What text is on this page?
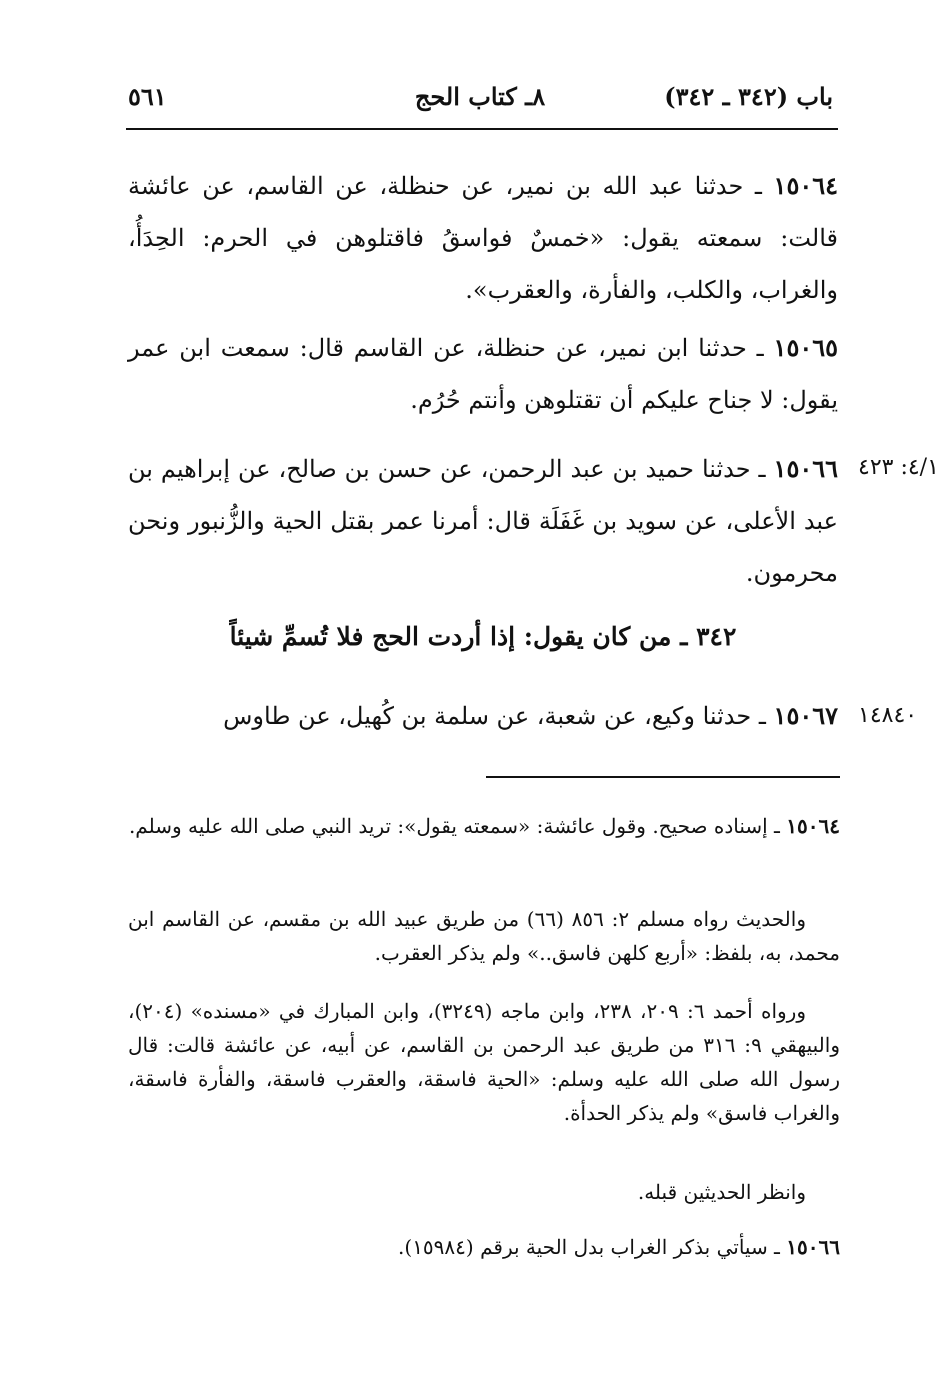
باب (٣٤٢ ـ ٣٤٢)
٨ـ كتاب الحج
٥٦١
١٥٠٦٤ ـ حدثنا عبد الله بن نمير، عن حنظلة، عن القاسم، عن عائشة قالت: سمعته يقول: «خمسٌ فواسقُ فاقتلوهن في الحرم: الحِدَأُ، والغراب، والكلب، والفأرة، والعقرب».
١٥٠٦٥ ـ حدثنا ابن نمير، عن حنظلة، عن القاسم قال: سمعت ابن عمر يقول: لا جناح عليكم أن تقتلوهن وأنتم حُرُم.
٤/١: ٤٢٣
١٥٠٦٦ ـ حدثنا حميد بن عبد الرحمن، عن حسن بن صالح، عن إبراهيم بن عبد الأعلى، عن سويد بن غَفَلَة قال: أمرنا عمر بقتل الحية والزُّنبور ونحن محرمون.
٣٤٢ ـ من كان يقول: إذا أردت الحج فلا تُسمِّ شيئاً
١٤٨٤٠
١٥٠٦٧ ـ حدثنا وكيع، عن شعبة، عن سلمة بن كُهيل، عن طاوس
١٥٠٦٤ ـ إسناده صحيح. وقول عائشة: «سمعته يقول»: تريد النبي صلى الله عليه وسلم.
والحديث رواه مسلم ٢: ٨٥٦ (٦٦) من طريق عبيد الله بن مقسم، عن القاسم ابن محمد، به، بلفظ: «أربع كلهن فاسق..» ولم يذكر العقرب.
ورواه أحمد ٦: ٢٠٩، ٢٣٨، وابن ماجه (٣٢٤٩)، وابن المبارك في «مسنده» (٢٠٤)، والبيهقي ٩: ٣١٦ من طريق عبد الرحمن بن القاسم، عن أبيه، عن عائشة قالت: قال رسول الله صلى الله عليه وسلم: «الحية فاسقة، والعقرب فاسقة، والفأرة فاسقة، والغراب فاسق» ولم يذكر الحدأة.
وانظر الحديثين قبله.
١٥٠٦٦ ـ سيأتي بذكر الغراب بدل الحية برقم (١٥٩٨٤).
